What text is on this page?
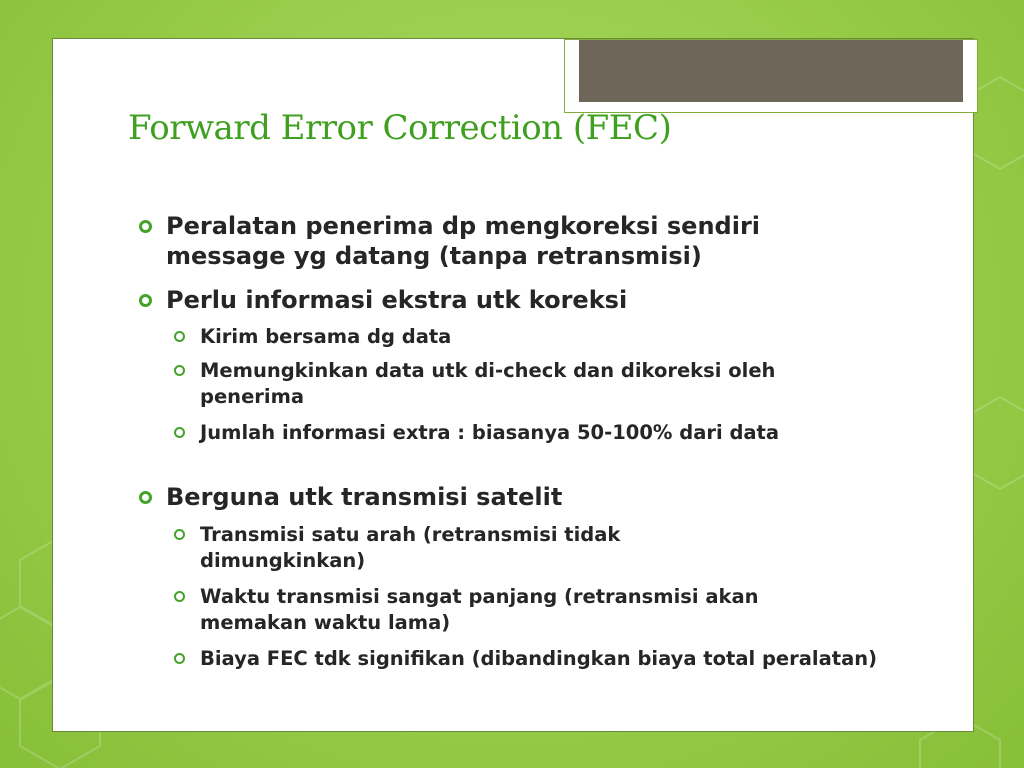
Forward Error Correction (FEC)
Peralatan penerima dp mengkoreksi sendiri message yg datang (tanpa retransmisi)
Perlu informasi ekstra utk koreksi
Kirim bersama dg data
Memungkinkan data utk di-check dan dikoreksi oleh penerima
Jumlah informasi extra : biasanya 50-100% dari data
Berguna utk transmisi satelit
Transmisi satu arah (retransmisi tidak dimungkinkan)
Waktu transmisi sangat panjang (retransmisi akan memakan waktu lama)
Biaya FEC tdk signifikan (dibandingkan biaya total peralatan)
